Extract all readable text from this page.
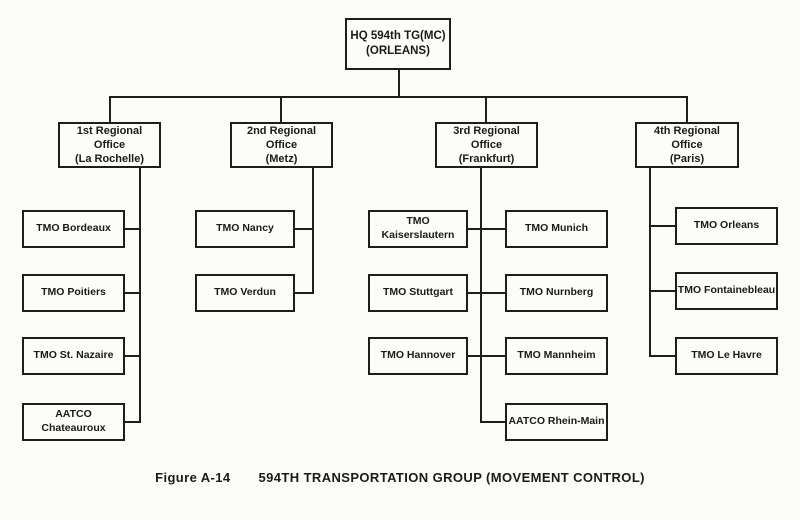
HQ 594th TG(MC)
(ORLEANS)
1st Regional Office
(La Rochelle)
2nd Regional Office
(Metz)
3rd Regional Office
(Frankfurt)
4th Regional Office
(Paris)
TMO Bordeaux
TMO Poitiers
TMO St. Nazaire
AATCO Chateauroux
TMO Nancy
TMO Verdun
TMO Kaiserslautern
TMO Stuttgart
TMO Hannover
TMO Munich
TMO Nurnberg
TMO Mannheim
AATCO Rhein-Main
TMO Orleans
TMO Fontainebleau
TMO Le Havre
Figure A-14 594TH TRANSPORTATION GROUP (MOVEMENT CONTROL)
